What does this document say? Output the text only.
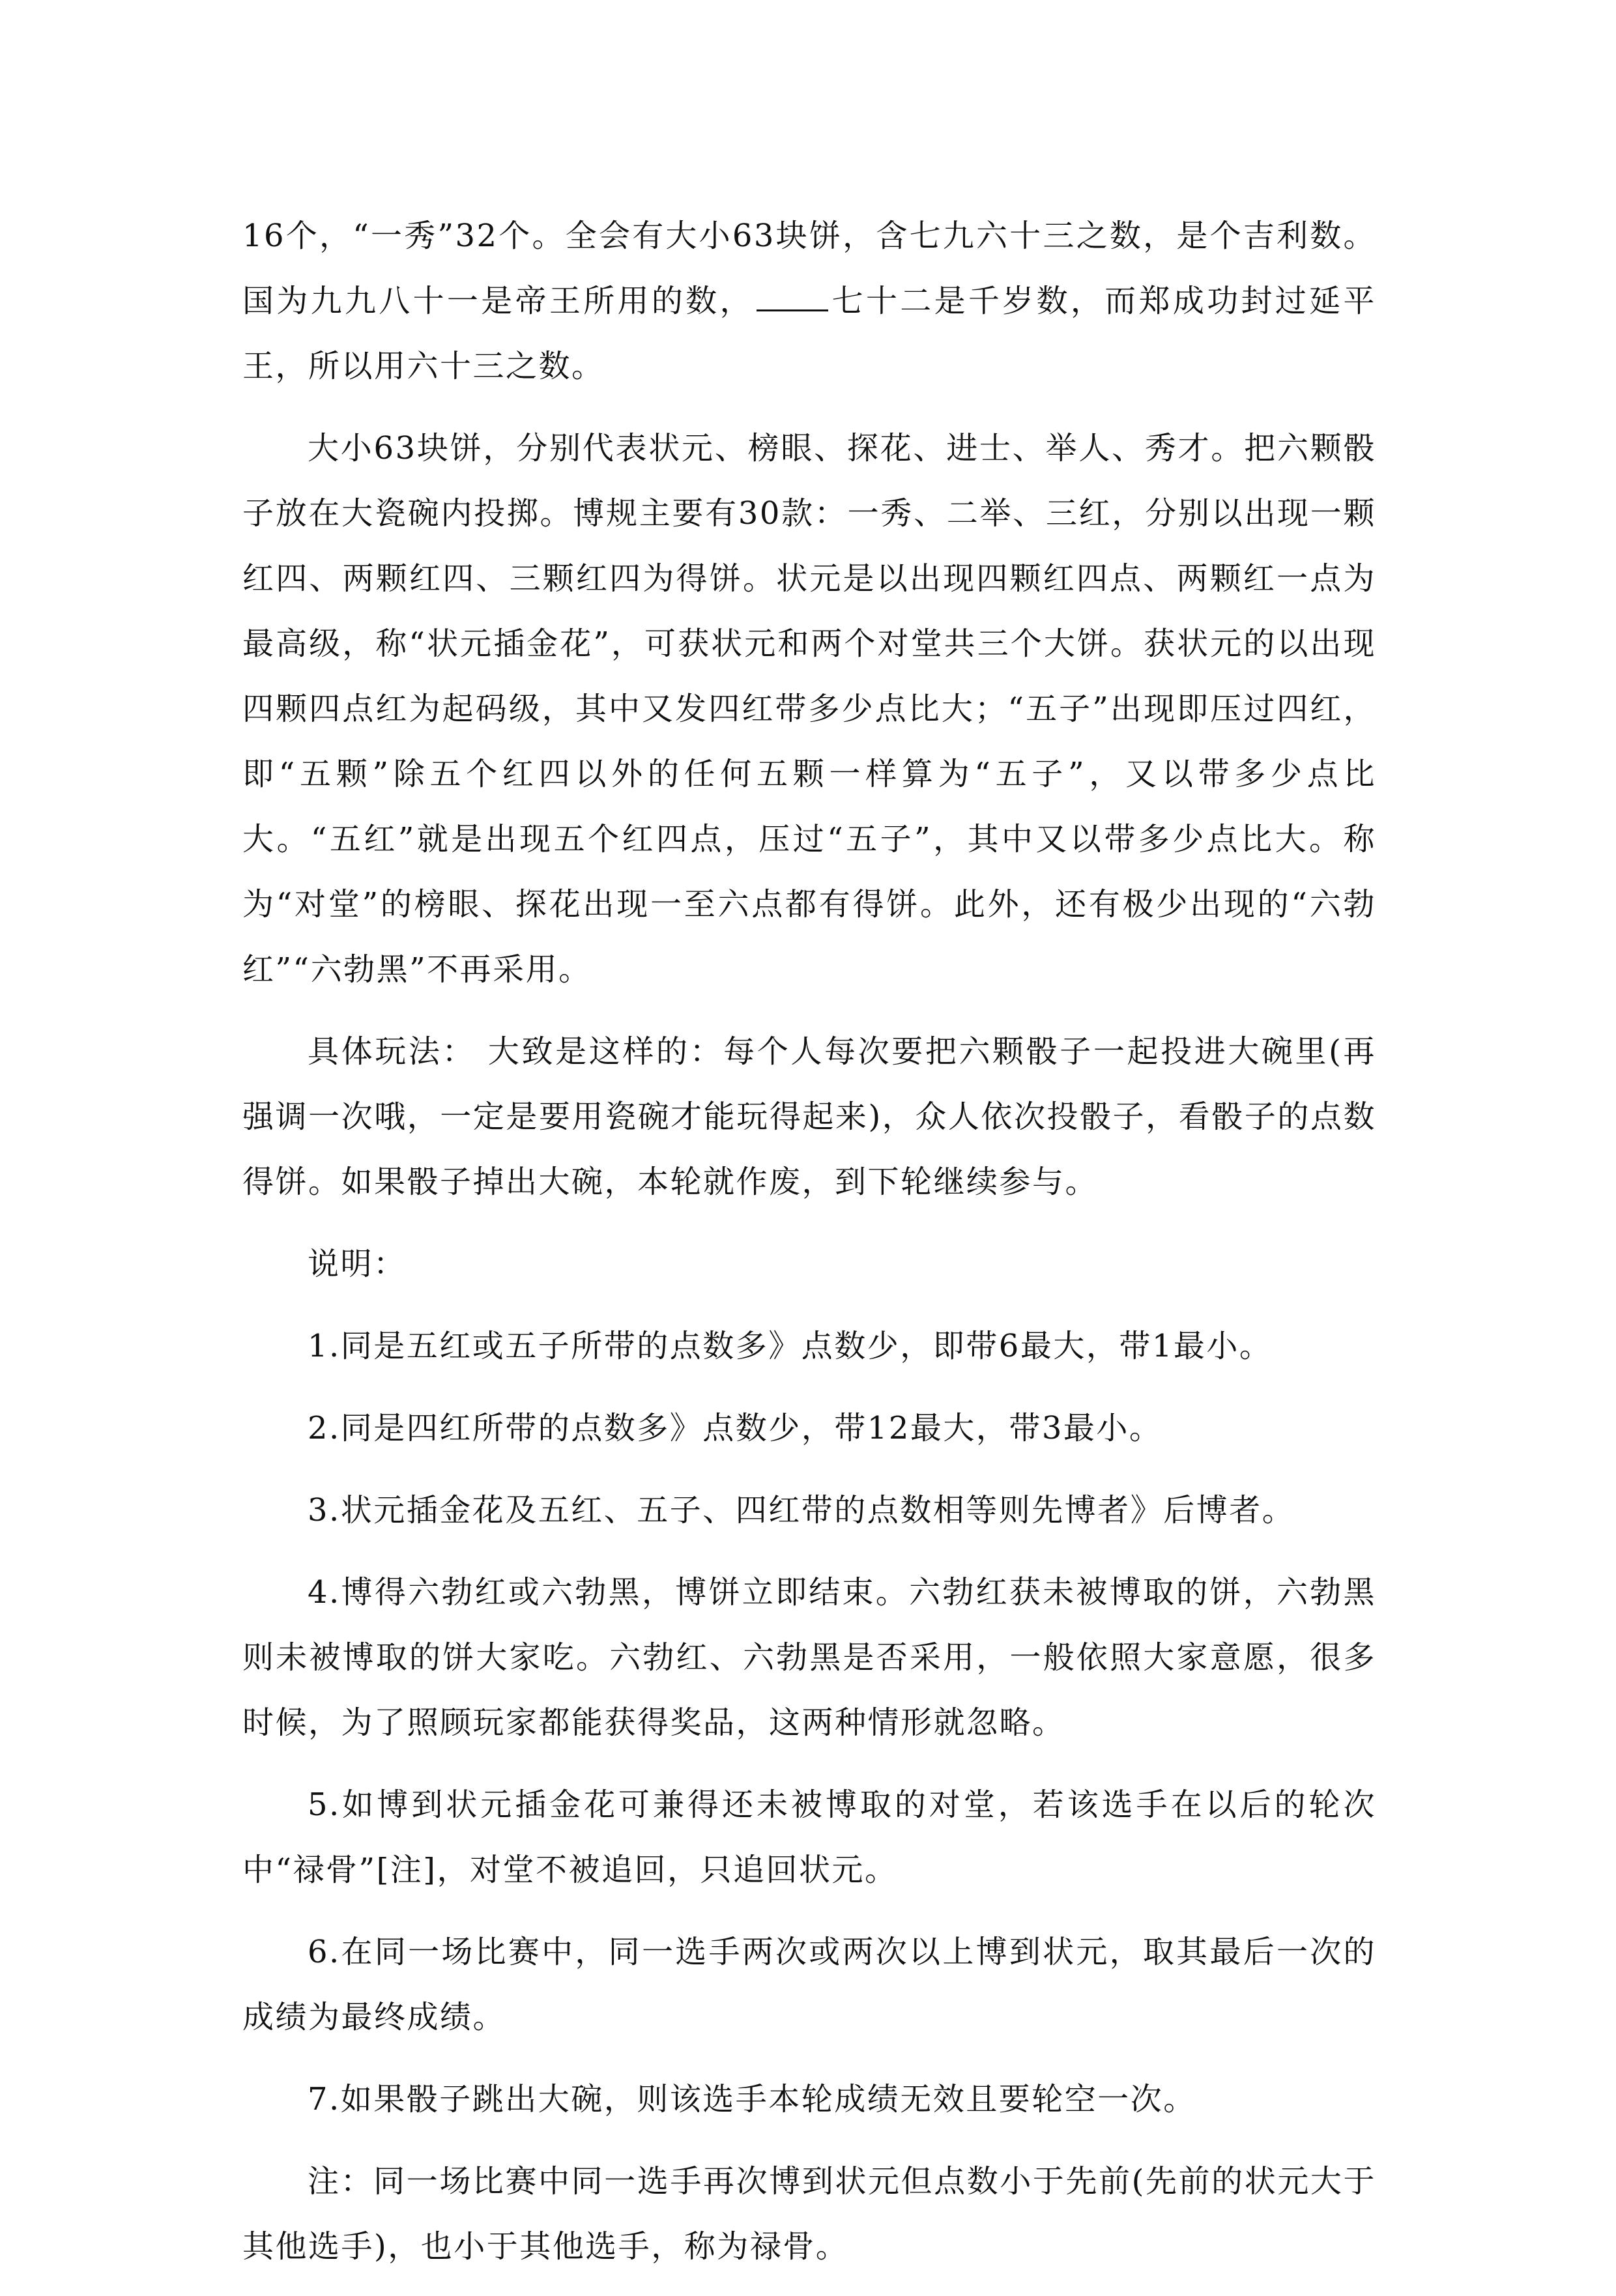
16个，“一秀”32个。全会有大小63块饼，含七九六十三之数，是个吉利数。国为九九八十一是帝王所用的数， 七十二是千岁数，而郑成功封过延平王，所以用六十三之数。

大小63块饼，分别代表状元、榜眼、探花、进士、举人、秀才。把六颗骰子放在大瓷碗内投掷。博规主要有30款：一秀、二举、三红，分别以出现一颗红四、两颗红四、三颗红四为得饼。状元是以出现四颗红四点、两颗红一点为最高级，称“状元插金花”，可获状元和两个对堂共三个大饼。获状元的以出现四颗四点红为起码级，其中又发四红带多少点比大；“五子”出现即压过四红，即“五颗”除五个红四以外的任何五颗一样算为“五子”，又以带多少点比大。“五红”就是出现五个红四点，压过“五子”，其中又以带多少点比大。称为“对堂”的榜眼、探花出现一至六点都有得饼。此外，还有极少出现的“六勃红”“六勃黑”不再采用。

具体玩法： 大致是这样的：每个人每次要把六颗骰子一起投进大碗里(再强调一次哦，一定是要用瓷碗才能玩得起来)，众人依次投骰子，看骰子的点数得饼。如果骰子掉出大碗，本轮就作废，到下轮继续参与。

说明：

1.同是五红或五子所带的点数多》点数少，即带6最大，带1最小。

2.同是四红所带的点数多》点数少，带12最大，带3最小。

3.状元插金花及五红、五子、四红带的点数相等则先博者》后博者。

4.博得六勃红或六勃黑，博饼立即结束。六勃红获未被博取的饼，六勃黑则未被博取的饼大家吃。六勃红、六勃黑是否采用，一般依照大家意愿，很多时候，为了照顾玩家都能获得奖品，这两种情形就忽略。

5.如博到状元插金花可兼得还未被博取的对堂，若该选手在以后的轮次中“禄骨”[注]，对堂不被追回，只追回状元。

6.在同一场比赛中，同一选手两次或两次以上博到状元，取其最后一次的成绩为最终成绩。

7.如果骰子跳出大碗，则该选手本轮成绩无效且要轮空一次。

注：同一场比赛中同一选手再次博到状元但点数小于先前(先前的状元大于其他选手)，也小于其他选手，称为禄骨。
